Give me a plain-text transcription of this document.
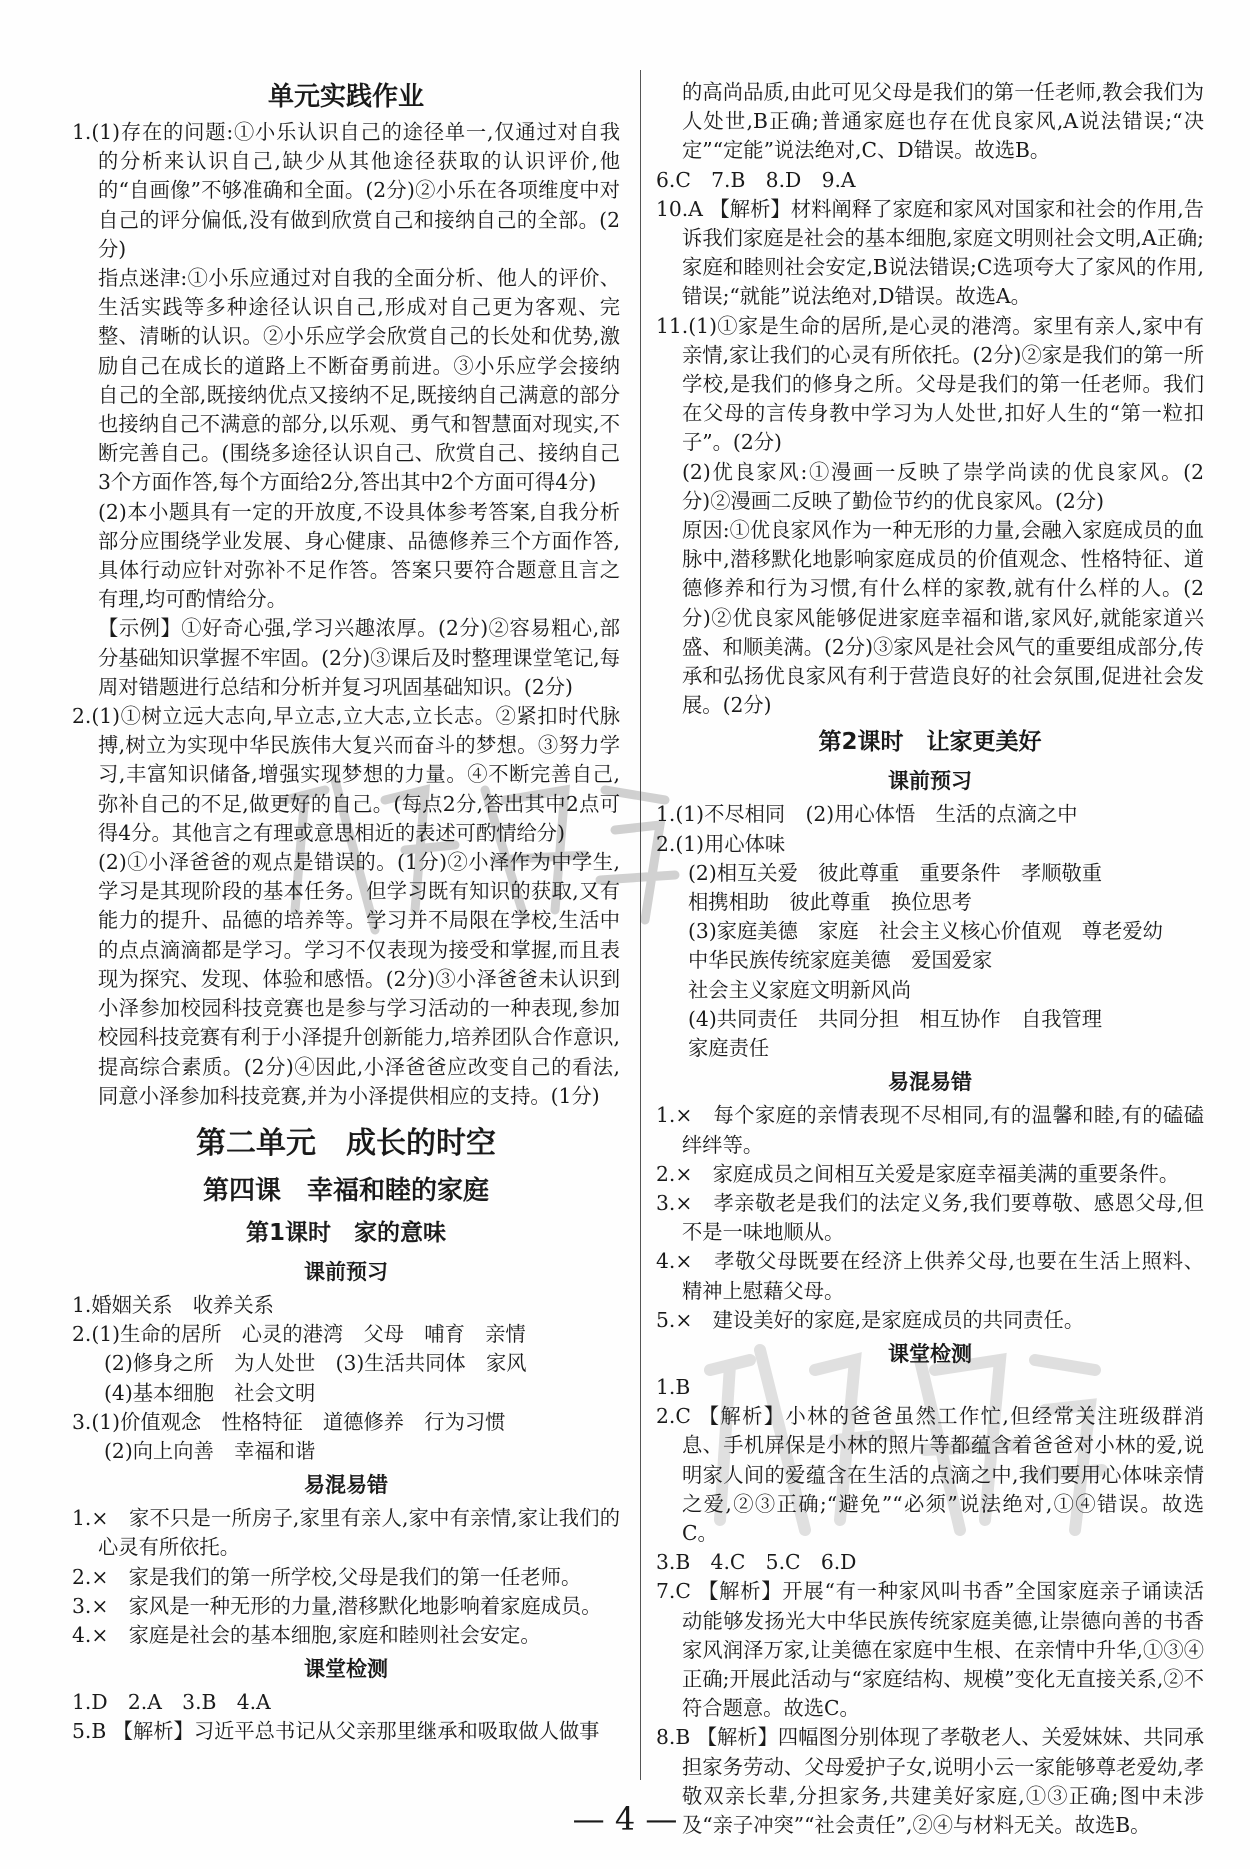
单元实践作业
1.(1)存在的问题:①小乐认识自己的途径单一,仅通过对自我的分析来认识自己,缺少从其他途径获取的认识评价,他的“自画像”不够准确和全面。(2分)②小乐在各项维度中对自己的评分偏低,没有做到欣赏自己和接纳自己的全部。(2分)
指点迷津:①小乐应通过对自我的全面分析、他人的评价、生活实践等多种途径认识自己,形成对自己更为客观、完整、清晰的认识。②小乐应学会欣赏自己的长处和优势,激励自己在成长的道路上不断奋勇前进。③小乐应学会接纳自己的全部,既接纳优点又接纳不足,既接纳自己满意的部分也接纳自己不满意的部分,以乐观、勇气和智慧面对现实,不断完善自己。(围绕多途径认识自己、欣赏自己、接纳自己3个方面作答,每个方面给2分,答出其中2个方面可得4分)
(2)本小题具有一定的开放度,不设具体参考答案,自我分析部分应围绕学业发展、身心健康、品德修养三个方面作答,具体行动应针对弥补不足作答。答案只要符合题意且言之有理,均可酌情给分。
【示例】①好奇心强,学习兴趣浓厚。(2分)②容易粗心,部分基础知识掌握不牢固。(2分)③课后及时整理课堂笔记,每周对错题进行总结和分析并复习巩固基础知识。(2分)
2.(1)①树立远大志向,早立志,立大志,立长志。②紧扣时代脉搏,树立为实现中华民族伟大复兴而奋斗的梦想。③努力学习,丰富知识储备,增强实现梦想的力量。④不断完善自己,弥补自己的不足,做更好的自己。(每点2分,答出其中2点可得4分。其他言之有理或意思相近的表述可酌情给分)
(2)①小泽爸爸的观点是错误的。(1分)②小泽作为中学生,学习是其现阶段的基本任务。但学习既有知识的获取,又有能力的提升、品德的培养等。学习并不局限在学校,生活中的点点滴滴都是学习。学习不仅表现为接受和掌握,而且表现为探究、发现、体验和感悟。(2分)③小泽爸爸未认识到小泽参加校园科技竞赛也是参与学习活动的一种表现,参加校园科技竞赛有利于小泽提升创新能力,培养团队合作意识,提高综合素质。(2分)④因此,小泽爸爸应改变自己的看法,同意小泽参加科技竞赛,并为小泽提供相应的支持。(1分)
第二单元　成长的时空
第四课　幸福和睦的家庭
第1课时　家的意味
课前预习
1.婚姻关系　收养关系
2.(1)生命的居所　心灵的港湾　父母　哺育　亲情
(2)修身之所　为人处世　(3)生活共同体　家风
(4)基本细胞　社会文明
3.(1)价值观念　性格特征　道德修养　行为习惯
(2)向上向善　幸福和谐
易混易错
1.×　家不只是一所房子,家里有亲人,家中有亲情,家让我们的心灵有所依托。
2.×　家是我们的第一所学校,父母是我们的第一任老师。
3.×　家风是一种无形的力量,潜移默化地影响着家庭成员。
4.×　家庭是社会的基本细胞,家庭和睦则社会安定。
课堂检测
1.D　2.A　3.B　4.A
5.B 【解析】习近平总书记从父亲那里继承和吸取做人做事
的高尚品质,由此可见父母是我们的第一任老师,教会我们为人处世,B正确;普通家庭也存在优良家风,A说法错误;“决定”“定能”说法绝对,C、D错误。故选B。
6.C　7.B　8.D　9.A
10.A 【解析】材料阐释了家庭和家风对国家和社会的作用,告诉我们家庭是社会的基本细胞,家庭文明则社会文明,A正确;家庭和睦则社会安定,B说法错误;C选项夸大了家风的作用,错误;“就能”说法绝对,D错误。故选A。
11.(1)①家是生命的居所,是心灵的港湾。家里有亲人,家中有亲情,家让我们的心灵有所依托。(2分)②家是我们的第一所学校,是我们的修身之所。父母是我们的第一任老师。我们在父母的言传身教中学习为人处世,扣好人生的“第一粒扣子”。(2分)
(2)优良家风:①漫画一反映了崇学尚读的优良家风。(2分)②漫画二反映了勤俭节约的优良家风。(2分)
原因:①优良家风作为一种无形的力量,会融入家庭成员的血脉中,潜移默化地影响家庭成员的价值观念、性格特征、道德修养和行为习惯,有什么样的家教,就有什么样的人。(2分)②优良家风能够促进家庭幸福和谐,家风好,就能家道兴盛、和顺美满。(2分)③家风是社会风气的重要组成部分,传承和弘扬优良家风有利于营造良好的社会氛围,促进社会发展。(2分)
第2课时　让家更美好
课前预习
1.(1)不尽相同　(2)用心体悟　生活的点滴之中
2.(1)用心体味
(2)相互关爱　彼此尊重　重要条件　孝顺敬重
相携相助　彼此尊重　换位思考
(3)家庭美德　家庭　社会主义核心价值观　尊老爱幼
中华民族传统家庭美德　爱国爱家
社会主义家庭文明新风尚
(4)共同责任　共同分担　相互协作　自我管理
家庭责任
易混易错
1.×　每个家庭的亲情表现不尽相同,有的温馨和睦,有的磕磕绊绊等。
2.×　家庭成员之间相互关爱是家庭幸福美满的重要条件。
3.×　孝亲敬老是我们的法定义务,我们要尊敬、感恩父母,但不是一味地顺从。
4.×　孝敬父母既要在经济上供养父母,也要在生活上照料、精神上慰藉父母。
5.×　建设美好的家庭,是家庭成员的共同责任。
课堂检测
1.B
2.C 【解析】小林的爸爸虽然工作忙,但经常关注班级群消息、手机屏保是小林的照片等都蕴含着爸爸对小林的爱,说明家人间的爱蕴含在生活的点滴之中,我们要用心体味亲情之爱,②③正确;“避免”“必须”说法绝对,①④错误。故选C。
3.B　4.C　5.C　6.D
7.C 【解析】开展“有一种家风叫书香”全国家庭亲子诵读活动能够发扬光大中华民族传统家庭美德,让崇德向善的书香家风润泽万家,让美德在家庭中生根、在亲情中升华,①③④正确;开展此活动与“家庭结构、规模”变化无直接关系,②不符合题意。故选C。
8.B 【解析】四幅图分别体现了孝敬老人、关爱妹妹、共同承担家务劳动、父母爱护子女,说明小云一家能够尊老爱幼,孝敬双亲长辈,分担家务,共建美好家庭,①③正确;图中未涉及“亲子冲突”“社会责任”,②④与材料无关。故选B。
— 4 —
